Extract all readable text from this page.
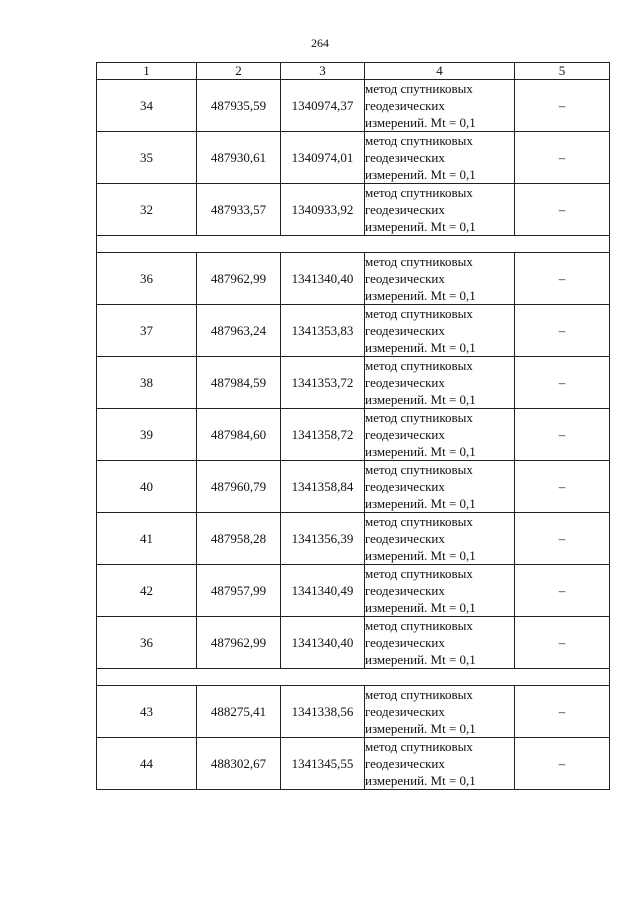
264
1	2	3	4	5
34	487935,59	1340974,37	метод спутниковых
геодезических
измерений. Mt = 0,1	–
35	487930,61	1340974,01	метод спутниковых
геодезических
измерений. Mt = 0,1	–
32	487933,57	1340933,92	метод спутниковых
геодезических
измерений. Mt = 0,1	–

36	487962,99	1341340,40	метод спутниковых
геодезических
измерений. Mt = 0,1	–
37	487963,24	1341353,83	метод спутниковых
геодезических
измерений. Mt = 0,1	–
38	487984,59	1341353,72	метод спутниковых
геодезических
измерений. Mt = 0,1	–
39	487984,60	1341358,72	метод спутниковых
геодезических
измерений. Mt = 0,1	–
40	487960,79	1341358,84	метод спутниковых
геодезических
измерений. Mt = 0,1	–
41	487958,28	1341356,39	метод спутниковых
геодезических
измерений. Mt = 0,1	–
42	487957,99	1341340,49	метод спутниковых
геодезических
измерений. Mt = 0,1	–
36	487962,99	1341340,40	метод спутниковых
геодезических
измерений. Mt = 0,1	–

43	488275,41	1341338,56	метод спутниковых
геодезических
измерений. Mt = 0,1	–
44	488302,67	1341345,55	метод спутниковых
геодезических
измерений. Mt = 0,1	–
